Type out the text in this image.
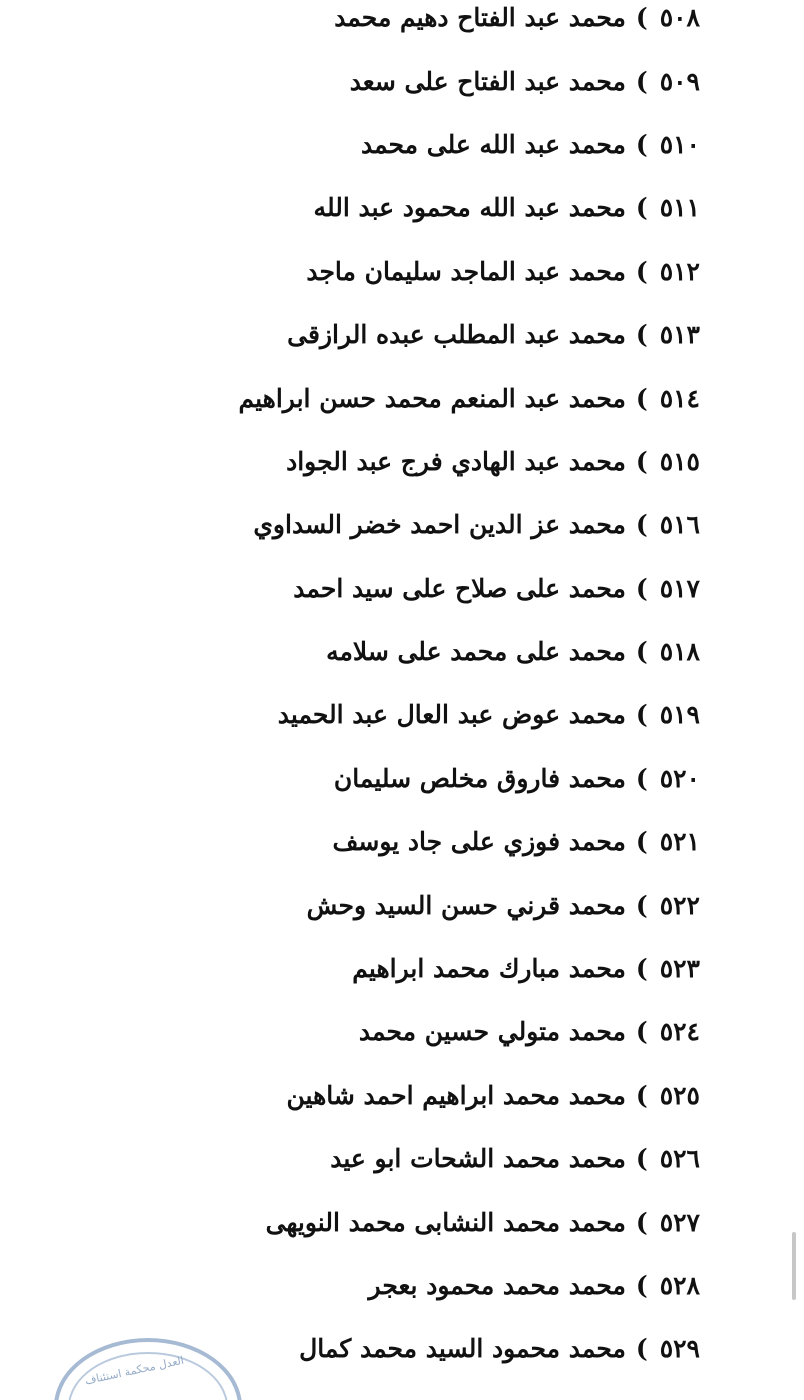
٥٠٨
)
محمد عبد الفتاح دهيم محمد
٥٠٩
)
محمد عبد الفتاح على سعد
٥١٠
)
محمد عبد الله على محمد
٥١١
)
محمد عبد الله محمود عبد الله
٥١٢
)
محمد عبد الماجد سليمان ماجد
٥١٣
)
محمد عبد المطلب عبده الرازقى
٥١٤
)
محمد عبد المنعم محمد حسن ابراهيم
٥١٥
)
محمد عبد الهادي فرج عبد الجواد
٥١٦
)
محمد عز الدين احمد خضر السداوي
٥١٧
)
محمد على صلاح على سيد احمد
٥١٨
)
محمد على محمد على سلامه
٥١٩
)
محمد عوض عبد العال عبد الحميد
٥٢٠
)
محمد فاروق مخلص سليمان
٥٢١
)
محمد فوزي على جاد يوسف
٥٢٢
)
محمد قرني حسن السيد وحش
٥٢٣
)
محمد مبارك محمد ابراهيم
٥٢٤
)
محمد متولي حسين محمد
٥٢٥
)
محمد محمد ابراهيم احمد شاهين
٥٢٦
)
محمد محمد الشحات ابو عيد
٥٢٧
)
محمد محمد النشابى محمد النويهى
٥٢٨
)
محمد محمد محمود بعجر
٥٢٩
)
محمد محمود السيد محمد كمال
العدل محكمة استئناف
